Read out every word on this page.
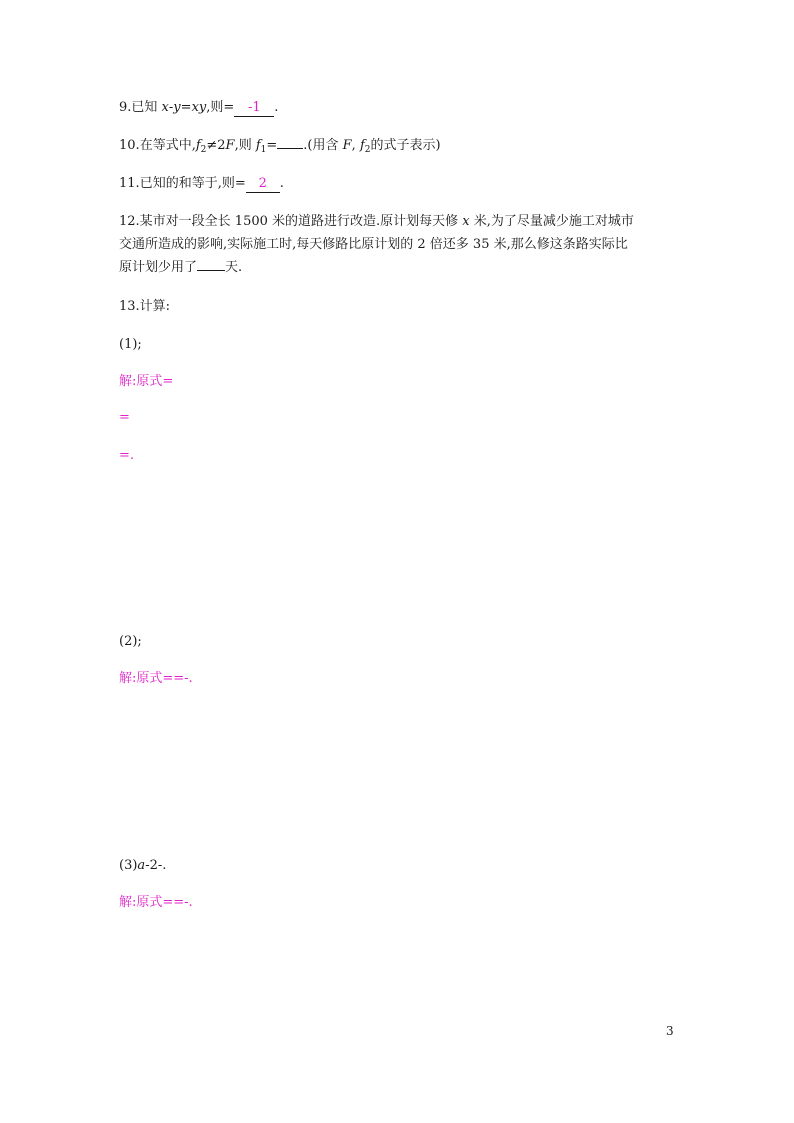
9.已知 x-y=xy,则= -1 .
10.在等式中$,f_2\ne 2F$,则 $f_1=$ .(用含 F, $f_2$的式子表示)
11.已知的和等于,则= 2 .
12.某市对一段全长 1500 米的道路进行改造.原计划每天修 x 米,为了尽量减少施工对城市
交通所造成的影响,实际施工时,每天修路比原计划的 2 倍还多 35 米,那么修这条路实际比
原计划少用了 天.
13.计算:
(1);
解:原式=
=
=.
(2);
解:原式==-.
(3)a-2-.
解:原式==-.
3
